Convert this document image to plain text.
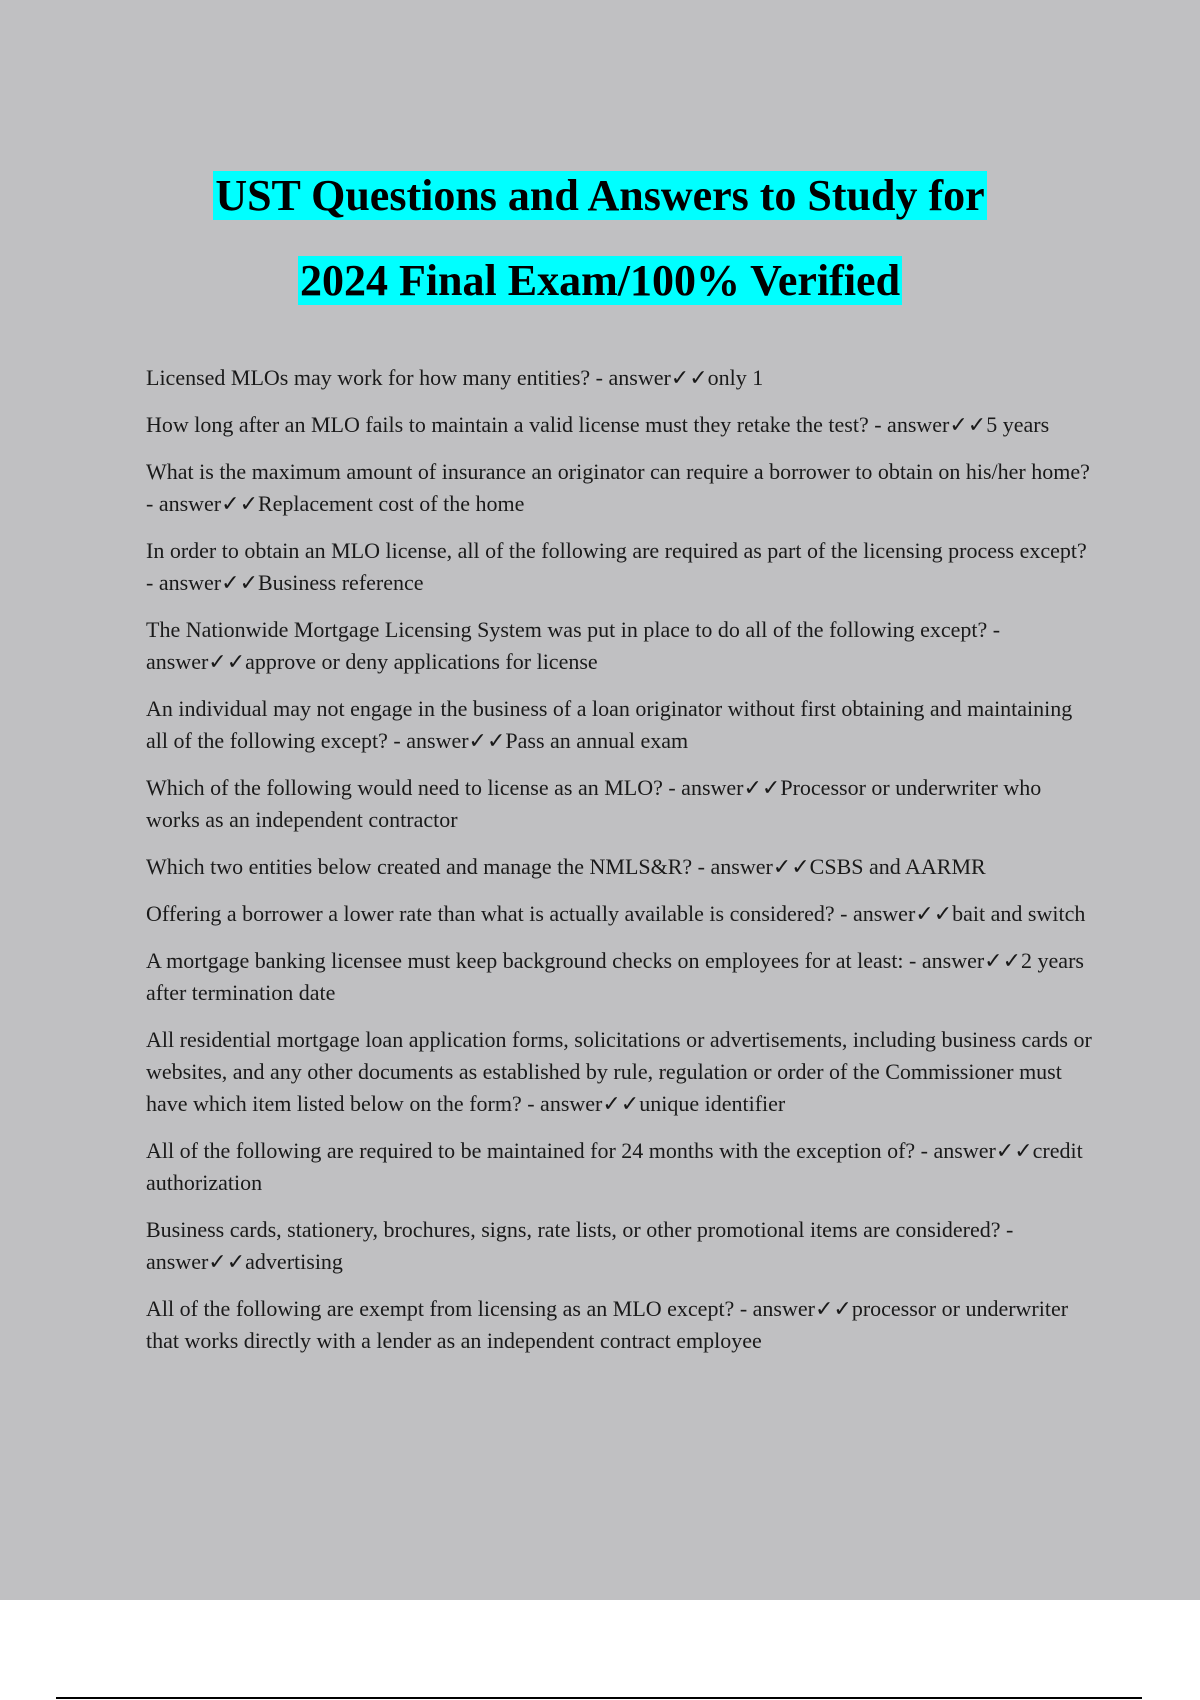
UST Questions and Answers to Study for
2024 Final Exam/100% Verified
Licensed MLOs may work for how many entities? - answer✓✓only 1
How long after an MLO fails to maintain a valid license must they retake the test? - answer✓✓5 years
What is the maximum amount of insurance an originator can require a borrower to obtain on his/her home? - answer✓✓Replacement cost of the home
In order to obtain an MLO license, all of the following are required as part of the licensing process except? - answer✓✓Business reference
The Nationwide Mortgage Licensing System was put in place to do all of the following except? - answer✓✓approve or deny applications for license
An individual may not engage in the business of a loan originator without first obtaining and maintaining all of the following except? - answer✓✓Pass an annual exam
Which of the following would need to license as an MLO? - answer✓✓Processor or underwriter who works as an independent contractor
Which two entities below created and manage the NMLS&R? - answer✓✓CSBS and AARMR
Offering a borrower a lower rate than what is actually available is considered? - answer✓✓bait and switch
A mortgage banking licensee must keep background checks on employees for at least: - answer✓✓2 years after termination date
All residential mortgage loan application forms, solicitations or advertisements, including business cards or websites, and any other documents as established by rule, regulation or order of the Commissioner must have which item listed below on the form? - answer✓✓unique identifier
All of the following are required to be maintained for 24 months with the exception of? - answer✓✓credit authorization
Business cards, stationery, brochures, signs, rate lists, or other promotional items are considered? - answer✓✓advertising
All of the following are exempt from licensing as an MLO except? - answer✓✓processor or underwriter that works directly with a lender as an independent contract employee
